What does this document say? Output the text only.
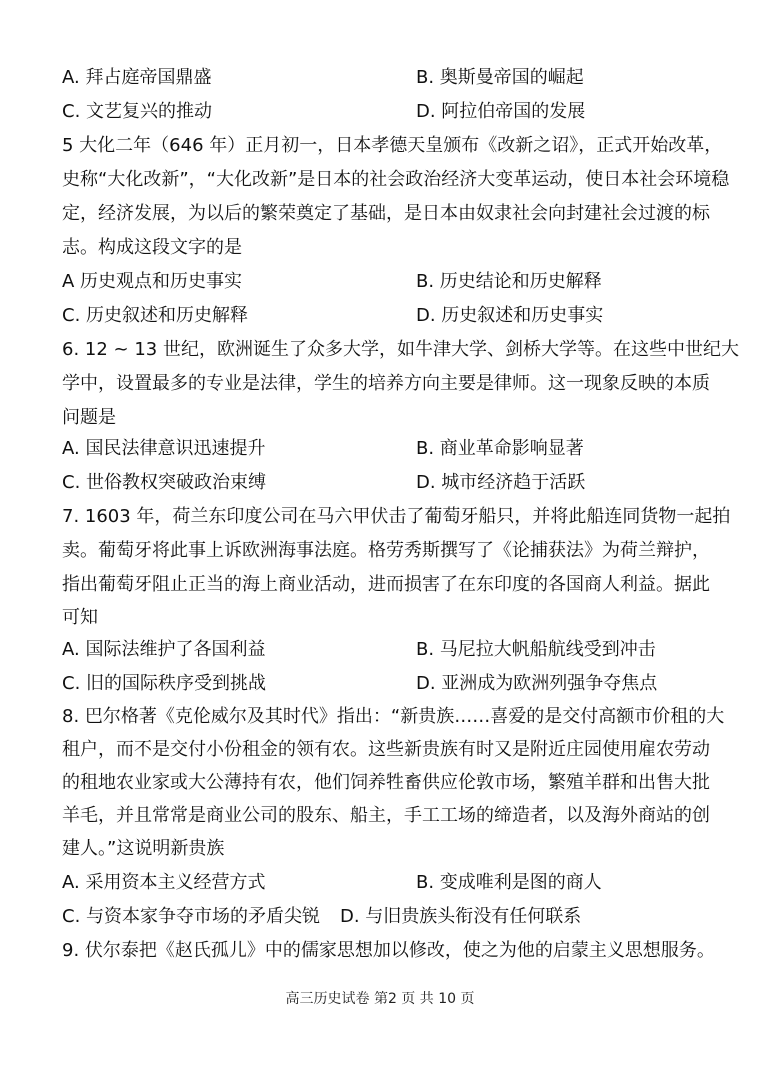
A. 拜占庭帝国鼎盛	B. 奥斯曼帝国的崛起
C. 文艺复兴的推动	D. 阿拉伯帝国的发展
5 大化二年（646 年）正月初一，日本孝德天皇颁布《改新之诏》，正式开始改革，
史称“大化改新”，“大化改新”是日本的社会政治经济大变革运动，使日本社会环境稳
定，经济发展，为以后的繁荣奠定了基础，是日本由奴隶社会向封建社会过渡的标
志。构成这段文字的是
A 历史观点和历史事实	B. 历史结论和历史解释
C. 历史叙述和历史解释	D. 历史叙述和历史事实
6. 12 ~ 13 世纪，欧洲诞生了众多大学，如牛津大学、剑桥大学等。在这些中世纪大
学中，设置最多的专业是法律，学生的培养方向主要是律师。这一现象反映的本质
问题是
A. 国民法律意识迅速提升	B. 商业革命影响显著
C. 世俗教权突破政治束缚	D. 城市经济趋于活跃
7. 1603 年，荷兰东印度公司在马六甲伏击了葡萄牙船只，并将此船连同货物一起拍
卖。葡萄牙将此事上诉欧洲海事法庭。格劳秀斯撰写了《论捕获法》为荷兰辩护，
指出葡萄牙阻止正当的海上商业活动，进而损害了在东印度的各国商人利益。据此
可知
A. 国际法维护了各国利益	B. 马尼拉大帆船航线受到冲击
C. 旧的国际秩序受到挑战	D. 亚洲成为欧洲列强争夺焦点
8. 巴尔格著《克伦威尔及其时代》指出：“新贵族……喜爱的是交付高额市价租的大
租户，而不是交付小份租金的领有农。这些新贵族有时又是附近庄园使用雇农劳动
的租地农业家或大公薄持有农，他们饲养牲畜供应伦敦市场，繁殖羊群和出售大批
羊毛，并且常常是商业公司的股东、船主，手工工场的缔造者，以及海外商站的创
建人。”这说明新贵族
A. 采用资本主义经营方式	B. 变成唯利是图的商人
C. 与资本家争夺市场的矛盾尖锐 D. 与旧贵族头衔没有任何联系
9. 伏尔泰把《赵氏孤儿》中的儒家思想加以修改，使之为他的启蒙主义思想服务。
高三历史试卷 第2 页 共 10 页
